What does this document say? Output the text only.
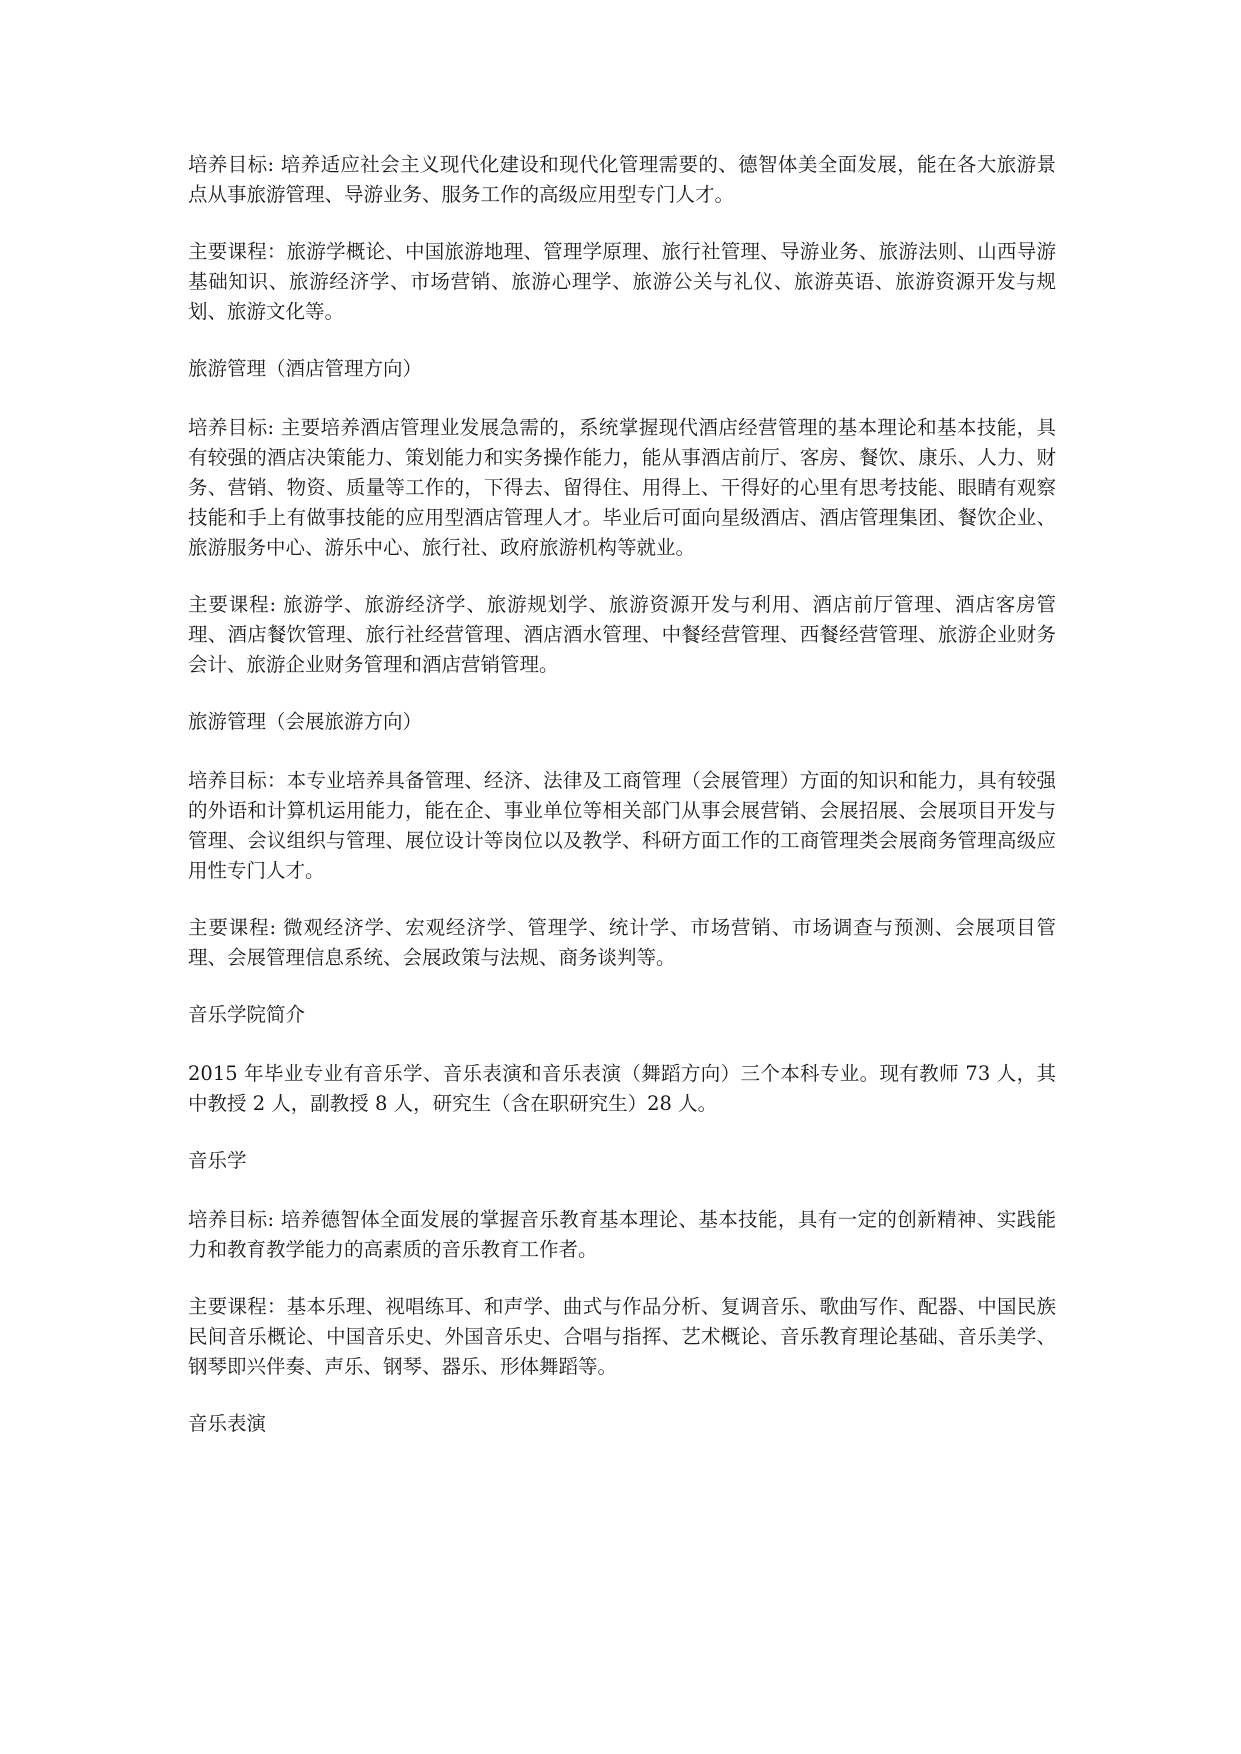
培养目标: 培养适应社会主义现代化建设和现代化管理需要的、德智体美全面发展，能在各大旅游景点从事旅游管理、导游业务、服务工作的高级应用型专门人才。

主要课程：旅游学概论、中国旅游地理、管理学原理、旅行社管理、导游业务、旅游法则、山西导游基础知识、旅游经济学、市场营销、旅游心理学、旅游公关与礼仪、旅游英语、旅游资源开发与规划、旅游文化等。

旅游管理（酒店管理方向）

培养目标: 主要培养酒店管理业发展急需的，系统掌握现代酒店经营管理的基本理论和基本技能，具有较强的酒店决策能力、策划能力和实务操作能力，能从事酒店前厅、客房、餐饮、康乐、人力、财务、营销、物资、质量等工作的，下得去、留得住、用得上、干得好的心里有思考技能、眼睛有观察技能和手上有做事技能的应用型酒店管理人才。毕业后可面向星级酒店、酒店管理集团、餐饮企业、旅游服务中心、游乐中心、旅行社、政府旅游机构等就业。

主要课程: 旅游学、旅游经济学、旅游规划学、旅游资源开发与利用、酒店前厅管理、酒店客房管理、酒店餐饮管理、旅行社经营管理、酒店酒水管理、中餐经营管理、西餐经营管理、旅游企业财务会计、旅游企业财务管理和酒店营销管理。

旅游管理（会展旅游方向）

培养目标：本专业培养具备管理、经济、法律及工商管理（会展管理）方面的知识和能力，具有较强的外语和计算机运用能力，能在企、事业单位等相关部门从事会展营销、会展招展、会展项目开发与管理、会议组织与管理、展位设计等岗位以及教学、科研方面工作的工商管理类会展商务管理高级应用性专门人才。

主要课程: 微观经济学、宏观经济学、管理学、统计学、市场营销、市场调查与预测、会展项目管理、会展管理信息系统、会展政策与法规、商务谈判等。

音乐学院简介

2015 年毕业专业有音乐学、音乐表演和音乐表演（舞蹈方向）三个本科专业。现有教师 73 人，其中教授 2 人，副教授 8 人，研究生（含在职研究生）28 人。

音乐学

培养目标: 培养德智体全面发展的掌握音乐教育基本理论、基本技能，具有一定的创新精神、实践能力和教育教学能力的高素质的音乐教育工作者。

主要课程：基本乐理、视唱练耳、和声学、曲式与作品分析、复调音乐、歌曲写作、配器、中国民族民间音乐概论、中国音乐史、外国音乐史、合唱与指挥、艺术概论、音乐教育理论基础、音乐美学、钢琴即兴伴奏、声乐、钢琴、器乐、形体舞蹈等。

音乐表演
